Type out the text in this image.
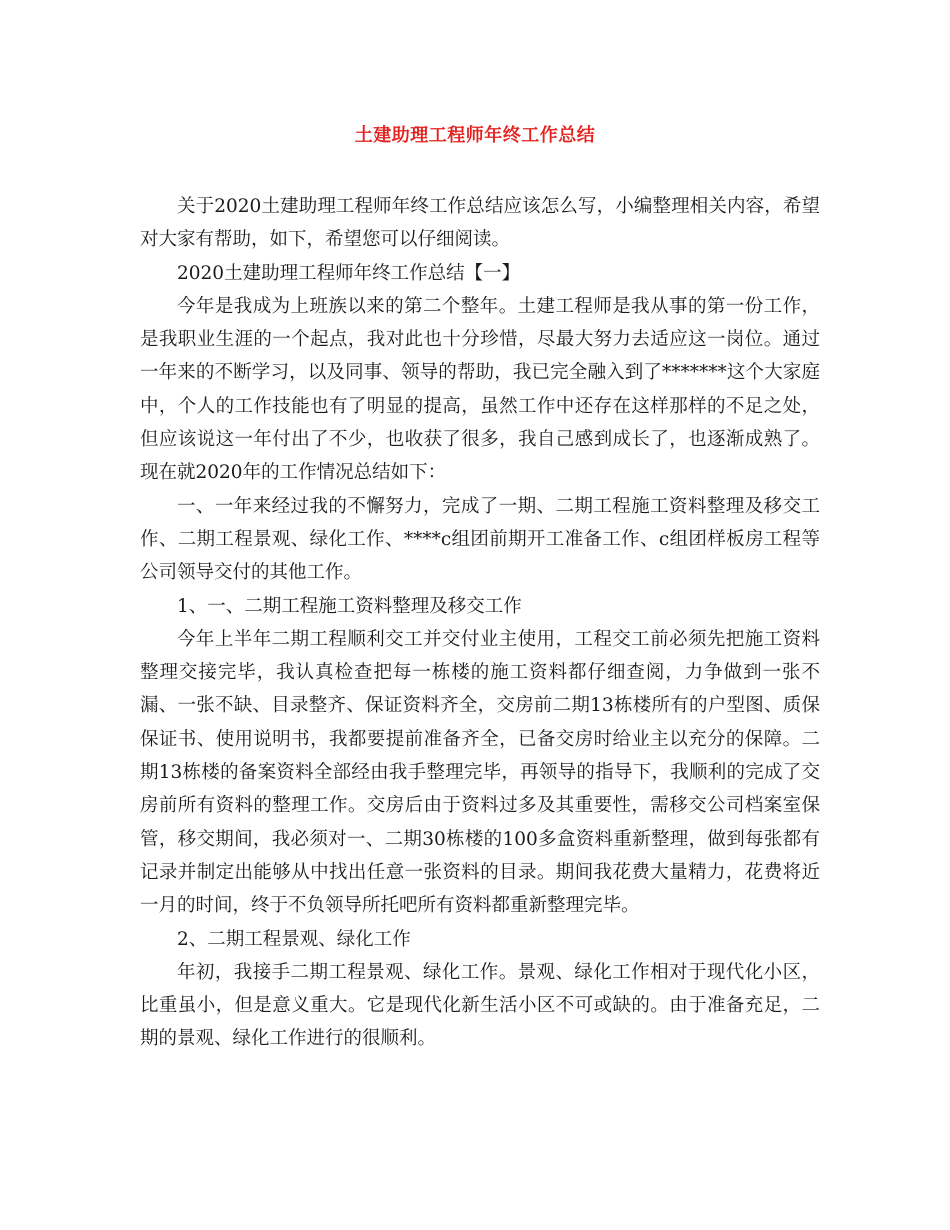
土建助理工程师年终工作总结

关于2020土建助理工程师年终工作总结应该怎么写，小编整理相关内容，希望对大家有帮助，如下，希望您可以仔细阅读。

2020土建助理工程师年终工作总结【一】

今年是我成为上班族以来的第二个整年。土建工程师是我从事的第一份工作，是我职业生涯的一个起点，我对此也十分珍惜，尽最大努力去适应这一岗位。通过一年来的不断学习，以及同事、领导的帮助，我已完全融入到了*******这个大家庭中，个人的工作技能也有了明显的提高，虽然工作中还存在这样那样的不足之处，但应该说这一年付出了不少，也收获了很多，我自己感到成长了，也逐渐成熟了。现在就2020年的工作情况总结如下：

一、一年来经过我的不懈努力，完成了一期、二期工程施工资料整理及移交工作、二期工程景观、绿化工作、****c组团前期开工准备工作、c组团样板房工程等公司领导交付的其他工作。

1、一、二期工程施工资料整理及移交工作

今年上半年二期工程顺利交工并交付业主使用，工程交工前必须先把施工资料整理交接完毕，我认真检查把每一栋楼的施工资料都仔细查阅，力争做到一张不漏、一张不缺、目录整齐、保证资料齐全，交房前二期13栋楼所有的户型图、质保保证书、使用说明书，我都要提前准备齐全，已备交房时给业主以充分的保障。二期13栋楼的备案资料全部经由我手整理完毕，再领导的指导下，我顺利的完成了交房前所有资料的整理工作。交房后由于资料过多及其重要性，需移交公司档案室保管，移交期间，我必须对一、二期30栋楼的100多盒资料重新整理，做到每张都有记录并制定出能够从中找出任意一张资料的目录。期间我花费大量精力，花费将近一月的时间，终于不负领导所托吧所有资料都重新整理完毕。

2、二期工程景观、绿化工作

年初，我接手二期工程景观、绿化工作。景观、绿化工作相对于现代化小区，比重虽小，但是意义重大。它是现代化新生活小区不可或缺的。由于准备充足，二期的景观、绿化工作进行的很顺利。
